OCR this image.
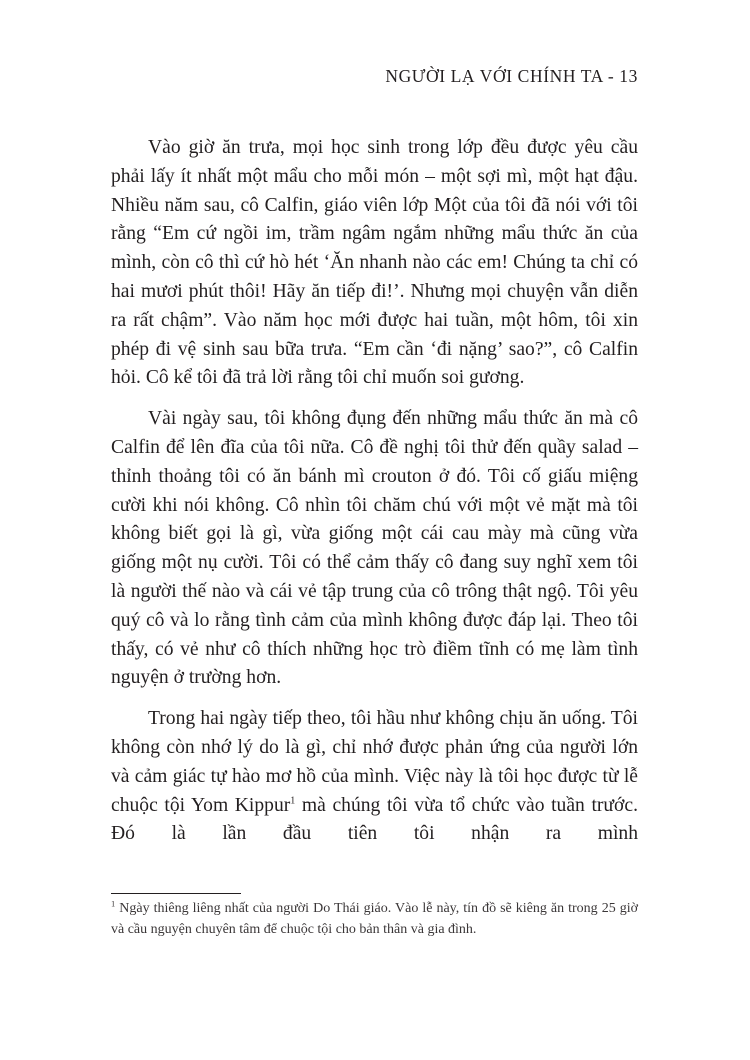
NGƯỜI LẠ VỚI CHÍNH TA - 13

Vào giờ ăn trưa, mọi học sinh trong lớp đều được yêu cầu phải lấy ít nhất một mẩu cho mỗi món – một sợi mì, một hạt đậu. Nhiều năm sau, cô Calfin, giáo viên lớp Một của tôi đã nói với tôi rằng “Em cứ ngồi im, trầm ngâm ngắm những mẩu thức ăn của mình, còn cô thì cứ hò hét ‘Ăn nhanh nào các em! Chúng ta chỉ có hai mươi phút thôi! Hãy ăn tiếp đi!’. Nhưng mọi chuyện vẫn diễn ra rất chậm”. Vào năm học mới được hai tuần, một hôm, tôi xin phép đi vệ sinh sau bữa trưa. “Em cần ‘đi nặng’ sao?”, cô Calfin hỏi. Cô kể tôi đã trả lời rằng tôi chỉ muốn soi gương.

Vài ngày sau, tôi không đụng đến những mẩu thức ăn mà cô Calfin để lên đĩa của tôi nữa. Cô đề nghị tôi thử đến quầy salad – thỉnh thoảng tôi có ăn bánh mì crouton ở đó. Tôi cố giấu miệng cười khi nói không. Cô nhìn tôi chăm chú với một vẻ mặt mà tôi không biết gọi là gì, vừa giống một cái cau mày mà cũng vừa giống một nụ cười. Tôi có thể cảm thấy cô đang suy nghĩ xem tôi là người thế nào và cái vẻ tập trung của cô trông thật ngộ. Tôi yêu quý cô và lo rằng tình cảm của mình không được đáp lại. Theo tôi thấy, có vẻ như cô thích những học trò điềm tĩnh có mẹ làm tình nguyện ở trường hơn.

Trong hai ngày tiếp theo, tôi hầu như không chịu ăn uống. Tôi không còn nhớ lý do là gì, chỉ nhớ được phản ứng của người lớn và cảm giác tự hào mơ hồ của mình. Việc này là tôi học được từ lễ chuộc tội Yom Kippur$^1$ mà chúng tôi vừa tổ chức vào tuần trước. Đó là lần đầu tiên tôi nhận ra mình

$^1$ Ngày thiêng liêng nhất của người Do Thái giáo. Vào lễ này, tín đồ sẽ kiêng ăn trong 25 giờ và cầu nguyện chuyên tâm để chuộc tội cho bản thân và gia đình.
